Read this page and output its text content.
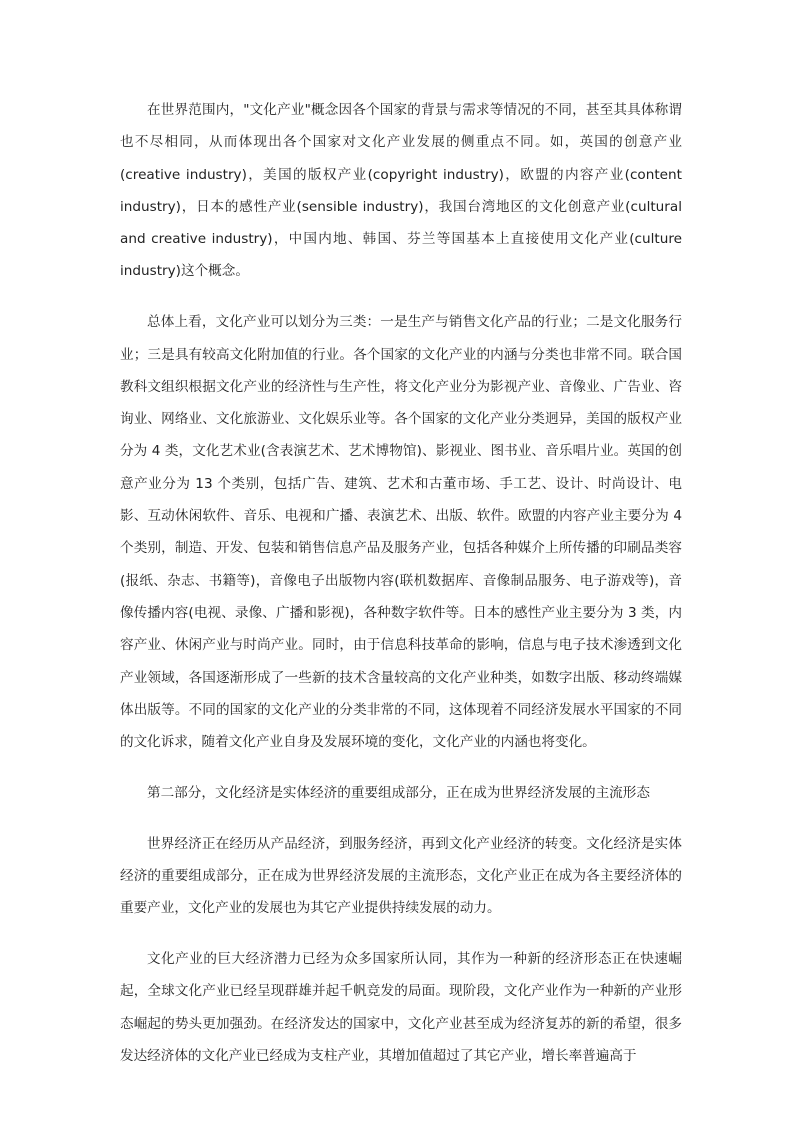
在世界范围内，"文化产业"概念因各个国家的背景与需求等情况的不同，甚至其具体称谓也不尽相同，从而体现出各个国家对文化产业发展的侧重点不同。如，英国的创意产业(creative industry)，美国的版权产业(copyright industry)，欧盟的内容产业(content industry)，日本的感性产业(sensible industry)，我国台湾地区的文化创意产业(cultural and creative industry)，中国内地、韩国、芬兰等国基本上直接使用文化产业(culture industry)这个概念。

总体上看，文化产业可以划分为三类：一是生产与销售文化产品的行业；二是文化服务行业；三是具有较高文化附加值的行业。各个国家的文化产业的内涵与分类也非常不同。联合国教科文组织根据文化产业的经济性与生产性，将文化产业分为影视产业、音像业、广告业、咨询业、网络业、文化旅游业、文化娱乐业等。各个国家的文化产业分类迥异，美国的版权产业分为 4 类，文化艺术业(含表演艺术、艺术博物馆)、影视业、图书业、音乐唱片业。英国的创意产业分为 13 个类别，包括广告、建筑、艺术和古董市场、手工艺、设计、时尚设计、电影、互动休闲软件、音乐、电视和广播、表演艺术、出版、软件。欧盟的内容产业主要分为 4 个类别，制造、开发、包装和销售信息产品及服务产业，包括各种媒介上所传播的印刷品类容(报纸、杂志、书籍等)，音像电子出版物内容(联机数据库、音像制品服务、电子游戏等)，音像传播内容(电视、录像、广播和影视)，各种数字软件等。日本的感性产业主要分为 3 类，内容产业、休闲产业与时尚产业。同时，由于信息科技革命的影响，信息与电子技术渗透到文化产业领域，各国逐渐形成了一些新的技术含量较高的文化产业种类，如数字出版、移动终端媒体出版等。不同的国家的文化产业的分类非常的不同，这体现着不同经济发展水平国家的不同的文化诉求，随着文化产业自身及发展环境的变化，文化产业的内涵也将变化。

第二部分，文化经济是实体经济的重要组成部分，正在成为世界经济发展的主流形态

世界经济正在经历从产品经济，到服务经济，再到文化产业经济的转变。文化经济是实体经济的重要组成部分，正在成为世界经济发展的主流形态，文化产业正在成为各主要经济体的重要产业，文化产业的发展也为其它产业提供持续发展的动力。

文化产业的巨大经济潜力已经为众多国家所认同，其作为一种新的经济形态正在快速崛起，全球文化产业已经呈现群雄并起千帆竞发的局面。现阶段，文化产业作为一种新的产业形态崛起的势头更加强劲。在经济发达的国家中，文化产业甚至成为经济复苏的新的希望，很多发达经济体的文化产业已经成为支柱产业，其增加值超过了其它产业，增长率普遍高于
